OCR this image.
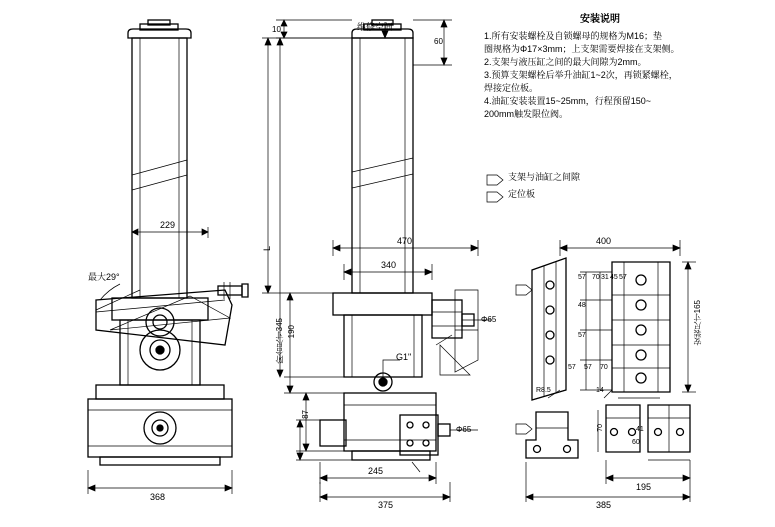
安装说明
1.所有安装螺栓及自锁螺母的规格为M16；垫
圈规格为Φ17×3mm；上支架需要焊接在支架侧。
2.支架与液压缸之间的最大间隙为2mm。
3.预算支架螺栓后举升油缸1~2次，再锁紧螺栓，
焊接定位板。
4.油缸安装装置15~25mm，行程预留150~
200mm触发限位阀。
支架与油缸之间隙
定位板
维修空间
10
60
229
368
最大29°
L
阶合尺寸345 190
87
470
340
245
375
Φ65
Φ65
G1"
400
195
385
安装尺寸165
R8.5	14
60
70	41
57
48
57
70 31 45 57
57 57 70
